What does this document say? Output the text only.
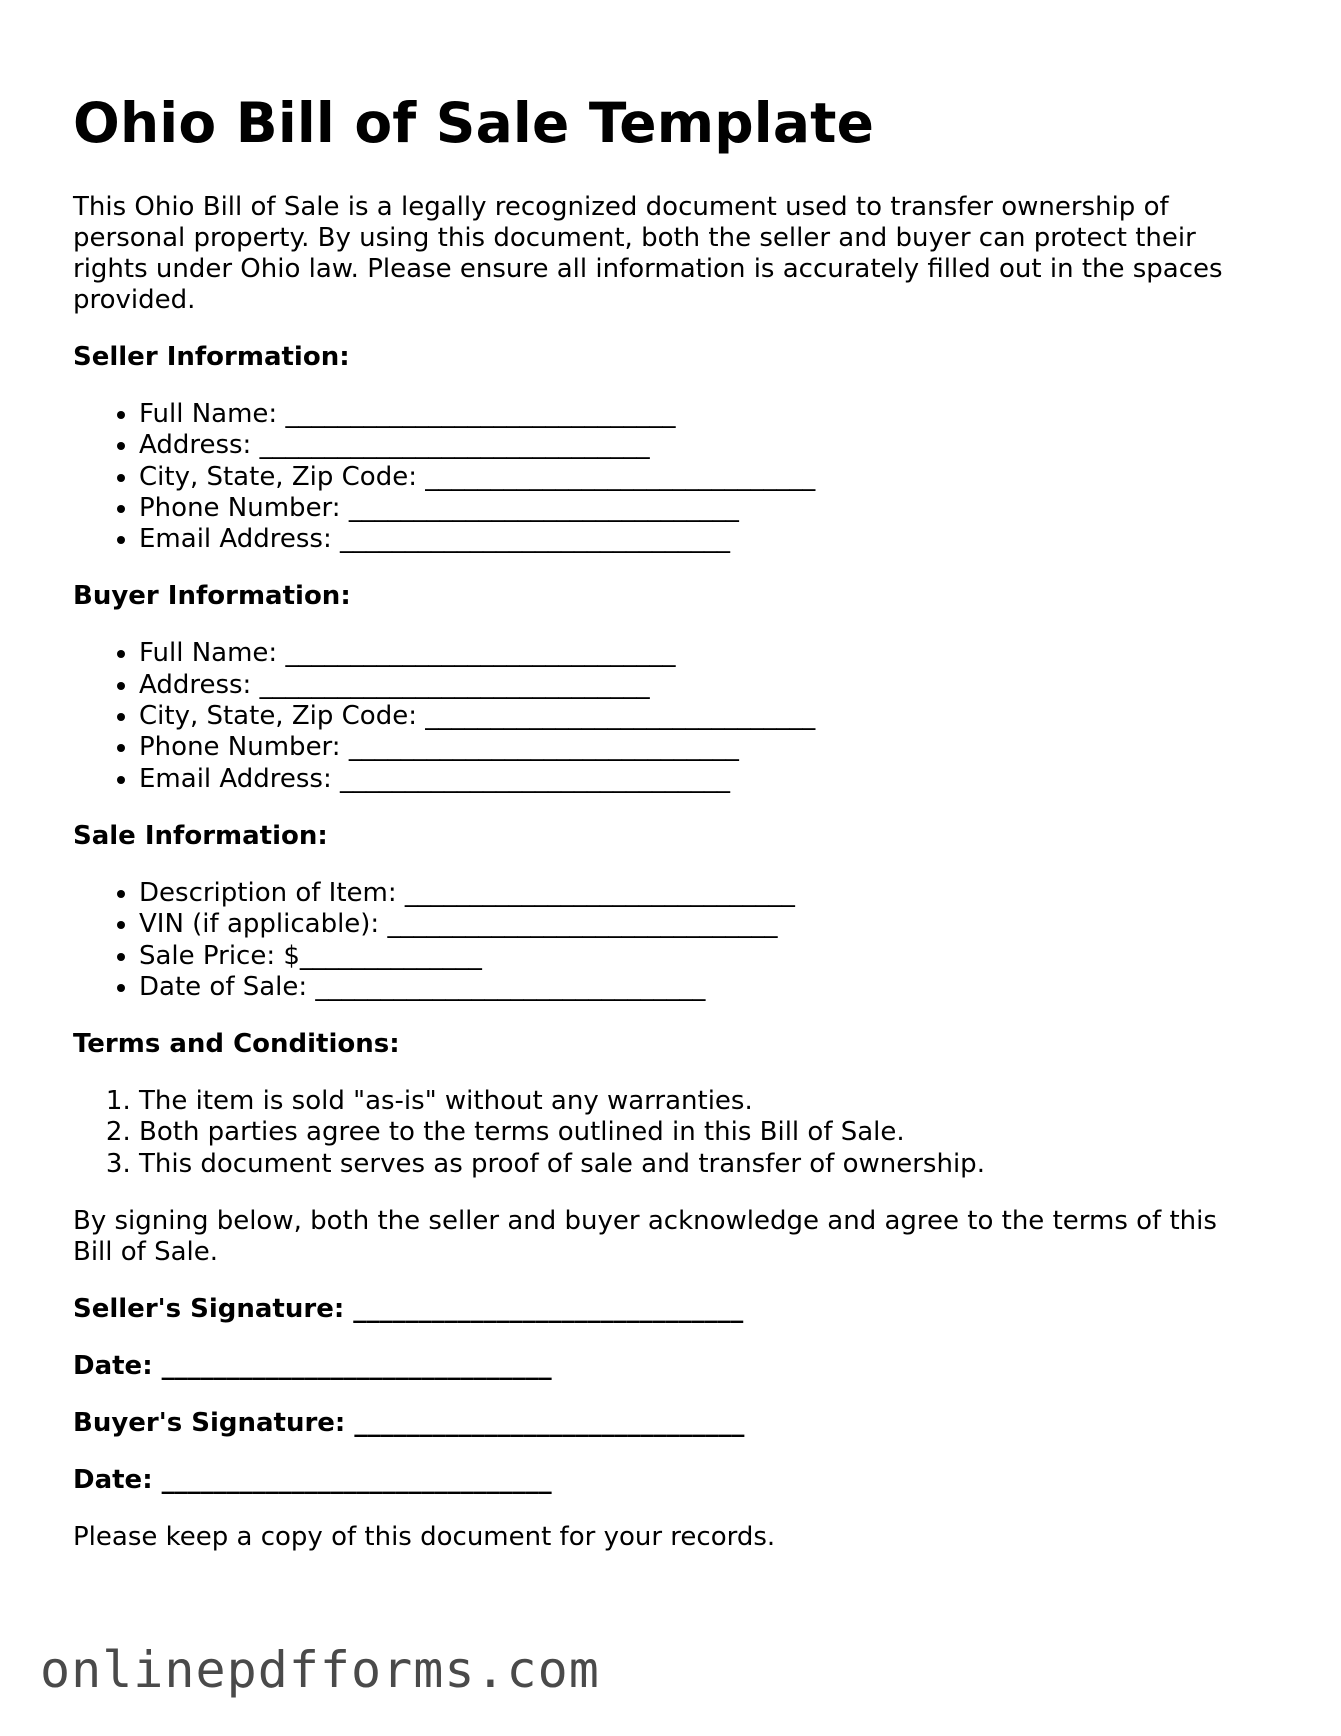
Ohio Bill of Sale Template

This Ohio Bill of Sale is a legally recognized document used to transfer ownership of personal property. By using this document, both the seller and buyer can protect their rights under Ohio law. Please ensure all information is accurately filled out in the spaces provided.

Seller Information:
• Full Name: ______________________________
• Address: ______________________________
• City, State, Zip Code: ______________________________
• Phone Number: ______________________________
• Email Address: ______________________________
Buyer Information:
• Full Name: ______________________________
• Address: ______________________________
• City, State, Zip Code: ______________________________
• Phone Number: ______________________________
• Email Address: ______________________________
Sale Information:
• Description of Item: ______________________________
• VIN (if applicable): ______________________________
• Sale Price: $______________
• Date of Sale: ______________________________
Terms and Conditions:
1. The item is sold "as-is" without any warranties.
2. Both parties agree to the terms outlined in this Bill of Sale.
3. This document serves as proof of sale and transfer of ownership.

By signing below, both the seller and buyer acknowledge and agree to the terms of this Bill of Sale.

Seller's Signature: ______________________________
Date: ______________________________
Buyer's Signature: ______________________________
Date: ______________________________

Please keep a copy of this document for your records.

onlinepdfforms.com
